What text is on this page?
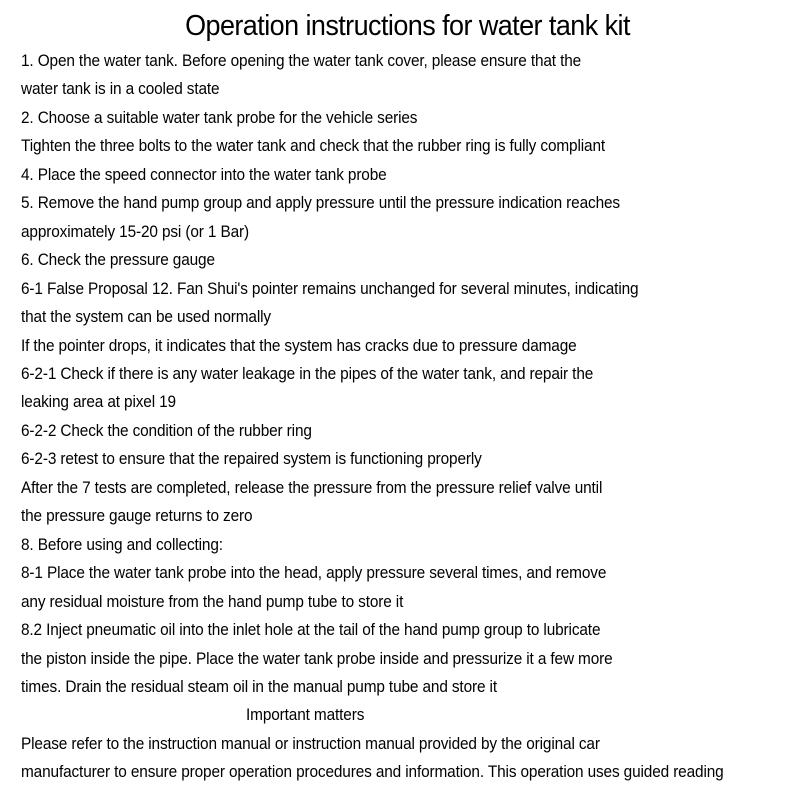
Operation instructions for water tank kit
1. Open the water tank. Before opening the water tank cover, please ensure that the
water tank is in a cooled state
2. Choose a suitable water tank probe for the vehicle series
Tighten the three bolts to the water tank and check that the rubber ring is fully compliant
4. Place the speed connector into the water tank probe
5. Remove the hand pump group and apply pressure until the pressure indication reaches
approximately 15-20 psi (or 1 Bar)
6. Check the pressure gauge
6-1 False Proposal 12. Fan Shui's pointer remains unchanged for several minutes, indicating
that the system can be used normally
If the pointer drops, it indicates that the system has cracks due to pressure damage
6-2-1 Check if there is any water leakage in the pipes of the water tank, and repair the
leaking area at pixel 19
6-2-2 Check the condition of the rubber ring
6-2-3 retest to ensure that the repaired system is functioning properly
After the 7 tests are completed, release the pressure from the pressure relief valve until
the pressure gauge returns to zero
8. Before using and collecting:
8-1 Place the water tank probe into the head, apply pressure several times, and remove
any residual moisture from the hand pump tube to store it
8.2 Inject pneumatic oil into the inlet hole at the tail of the hand pump group to lubricate
the piston inside the pipe. Place the water tank probe inside and pressurize it a few more
times. Drain the residual steam oil in the manual pump tube and store it
Important matters
Please refer to the instruction manual or instruction manual provided by the original car
manufacturer to ensure proper operation procedures and information. This operation uses guided reading
